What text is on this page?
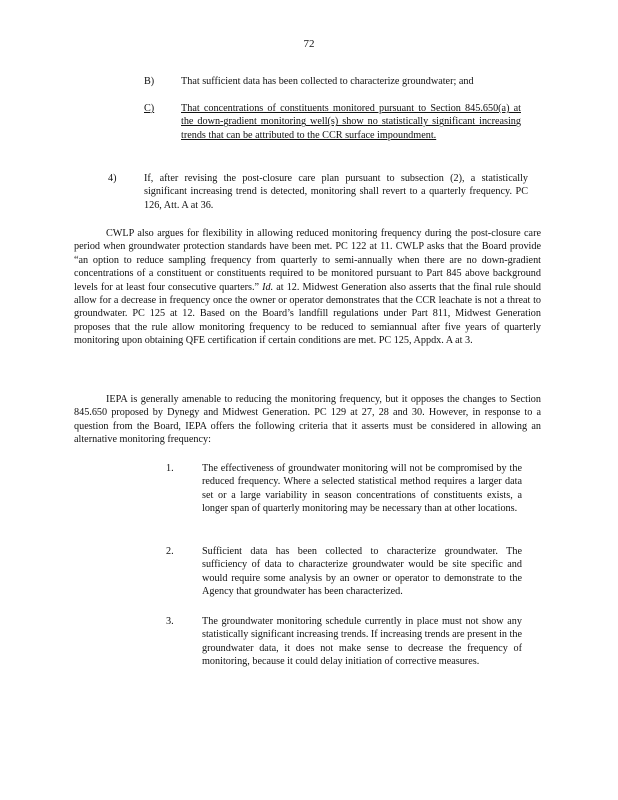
72
B)	That sufficient data has been collected to characterize groundwater; and
C)	That concentrations of constituents monitored pursuant to Section 845.650(a) at the down-gradient monitoring well(s) show no statistically significant increasing trends that can be attributed to the CCR surface impoundment.
4)	If, after revising the post-closure care plan pursuant to subsection (2), a statistically significant increasing trend is detected, monitoring shall revert to a quarterly frequency. PC 126, Att. A at 36.

CWLP also argues for flexibility in allowing reduced monitoring frequency during the post-closure care period when groundwater protection standards have been met. PC 122 at 11. CWLP asks that the Board provide “an option to reduce sampling frequency from quarterly to semi-annually when there are no down-gradient concentrations of a constituent or constituents required to be monitored pursuant to Part 845 above background levels for at least four consecutive quarters.” Id. at 12. Midwest Generation also asserts that the final rule should allow for a decrease in frequency once the owner or operator demonstrates that the CCR leachate is not a threat to groundwater. PC 125 at 12. Based on the Board’s landfill regulations under Part 811, Midwest Generation proposes that the rule allow monitoring frequency to be reduced to semiannual after five years of quarterly monitoring upon obtaining QFE certification if certain conditions are met. PC 125, Appdx. A at 3.

IEPA is generally amenable to reducing the monitoring frequency, but it opposes the changes to Section 845.650 proposed by Dynegy and Midwest Generation. PC 129 at 27, 28 and 30. However, in response to a question from the Board, IEPA offers the following criteria that it asserts must be considered in allowing an alternative monitoring frequency:

1.	The effectiveness of groundwater monitoring will not be compromised by the reduced frequency. Where a selected statistical method requires a larger data set or a large variability in season concentrations of constituents exists, a longer span of quarterly monitoring may be necessary than at other locations.
2.	Sufficient data has been collected to characterize groundwater. The sufficiency of data to characterize groundwater would be site specific and would require some analysis by an owner or operator to demonstrate to the Agency that groundwater has been characterized.
3.	The groundwater monitoring schedule currently in place must not show any statistically significant increasing trends. If increasing trends are present in the groundwater data, it does not make sense to decrease the frequency of monitoring, because it could delay initiation of corrective measures.
